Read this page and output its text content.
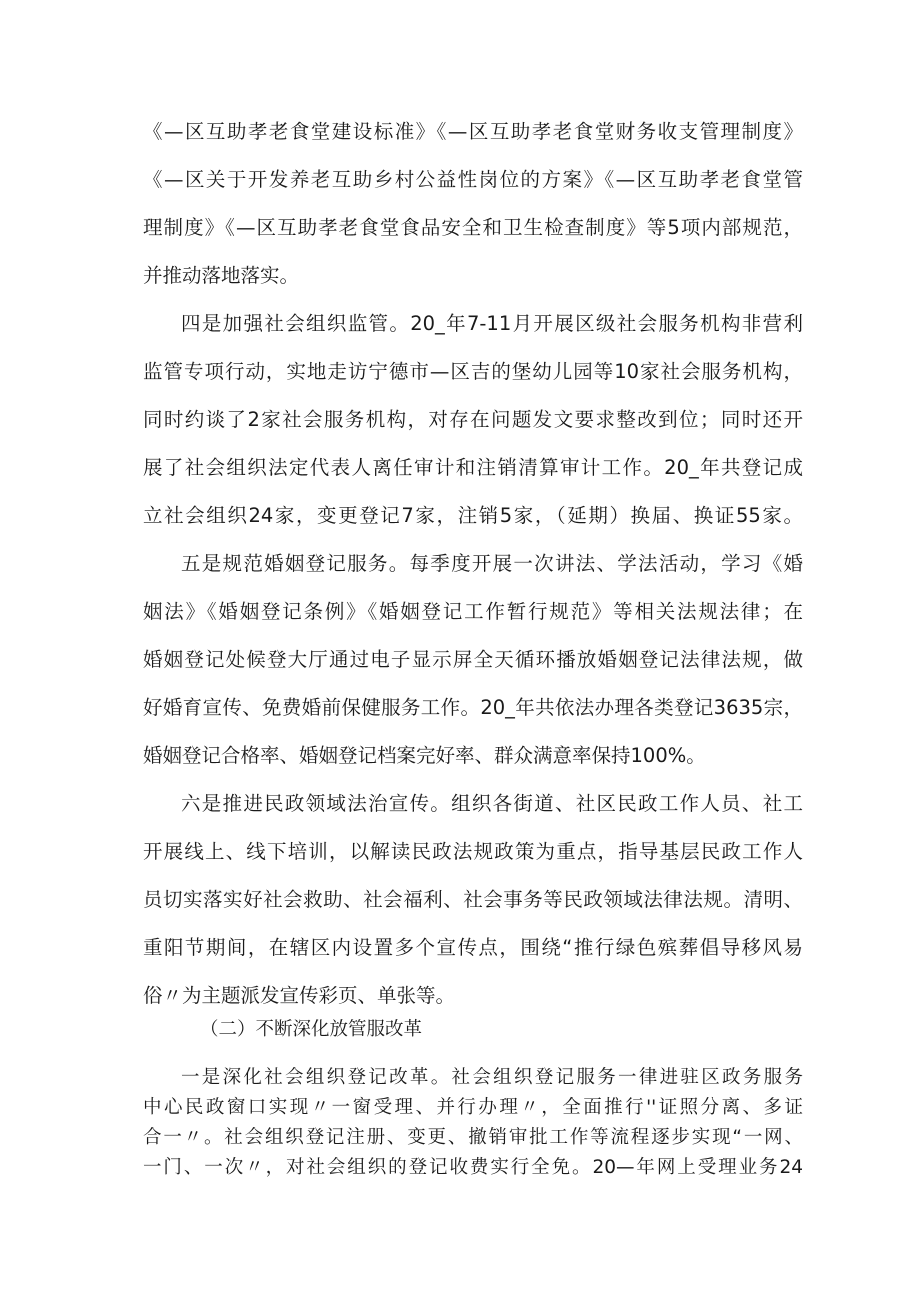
《—区互助孝老食堂建设标准》《—区互助孝老食堂财务收支管理制度》
《—区关于开发养老互助乡村公益性岗位的方案》《—区互助孝老食堂管
理制度》《—区互助孝老食堂食品安全和卫生检查制度》等5项内部规范，
并推动落地落实。
四是加强社会组织监管。20_年7-11月开展区级社会服务机构非营利
监管专项行动，实地走访宁德市—区吉的堡幼儿园等10家社会服务机构，
同时约谈了2家社会服务机构，对存在问题发文要求整改到位；同时还开
展了社会组织法定代表人离任审计和注销清算审计工作。20_年共登记成
立社会组织24家，变更登记7家，注销5家，（延期）换届、换证55家。
五是规范婚姻登记服务。每季度开展一次讲法、学法活动，学习《婚
姻法》《婚姻登记条例》《婚姻登记工作暂行规范》等相关法规法律；在
婚姻登记处候登大厅通过电子显示屏全天循环播放婚姻登记法律法规，做
好婚育宣传、免费婚前保健服务工作。20_年共依法办理各类登记3635宗，
婚姻登记合格率、婚姻登记档案完好率、群众满意率保持100%。
六是推进民政领域法治宣传。组织各街道、社区民政工作人员、社工
开展线上、线下培训，以解读民政法规政策为重点，指导基层民政工作人
员切实落实好社会救助、社会福利、社会事务等民政领域法律法规。清明、
重阳节期间，在辖区内设置多个宣传点，围绕“推行绿色殡葬倡导移风易
俗〃为主题派发宣传彩页、单张等。
（二）不断深化放管服改革
一是深化社会组织登记改革。社会组织登记服务一律进驻区政务服务
中心民政窗口实现〃一窗受理、并行办理〃，全面推行''证照分离、多证
合一〃。社会组织登记注册、变更、撤销审批工作等流程逐步实现“一网、
一门、一次〃，对社会组织的登记收费实行全免。20—年网上受理业务24
